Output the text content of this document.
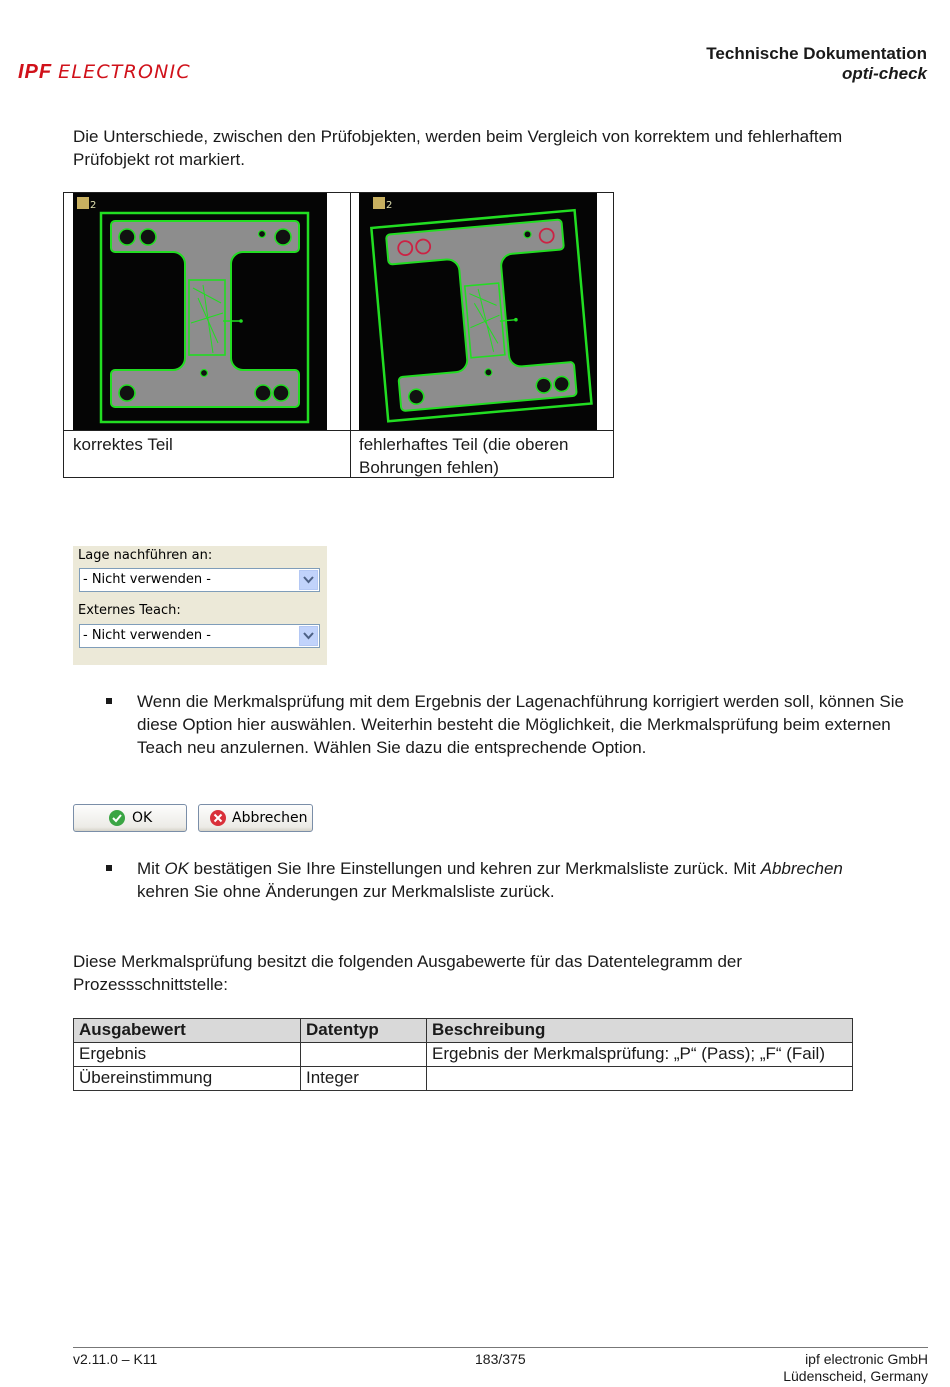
IPF ELECTRONIC
Technische Dokumentation
opti-check
Die Unterschiede, zwischen den Prüfobjekten, werden beim Vergleich von korrektem und fehlerhaftem Prüfobjekt rot markiert.
2	2
korrektes Teil	fehlerhaftes Teil (die oberen Bohrungen fehlen)
Lage nachführen an:
- Nicht verwenden -
Externes Teach:
- Nicht verwenden -
Wenn die Merkmalsprüfung mit dem Ergebnis der Lagenachführung korrigiert werden soll, können Sie diese Option hier auswählen. Weiterhin besteht die Möglichkeit, die Merkmalsprüfung beim externen Teach neu anzulernen. Wählen Sie dazu die entsprechende Option.
OK	Abbrechen
Mit OK bestätigen Sie Ihre Einstellungen und kehren zur Merkmalsliste zurück. Mit Abbrechen kehren Sie ohne Änderungen zur Merkmalsliste zurück.
Diese Merkmalsprüfung besitzt die folgenden Ausgabewerte für das Datentelegramm der Prozessschnittstelle:
Ausgabewert	Datentyp	Beschreibung
Ergebnis		Ergebnis der Merkmalsprüfung: „P“ (Pass); „F“ (Fail)
Übereinstimmung	Integer	
v2.11.0 – K11	183/375	ipf electronic GmbH
Lüdenscheid, Germany
